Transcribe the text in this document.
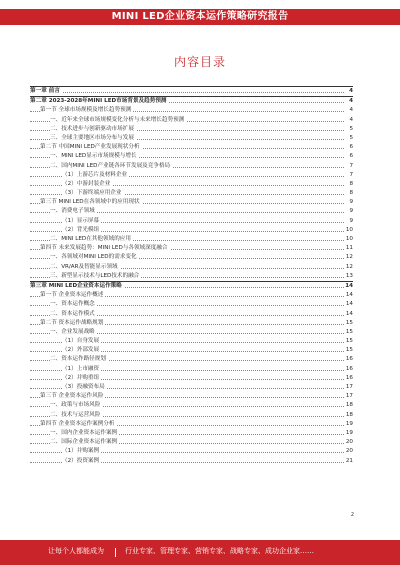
MINI LED企业资本运作策略研究报告
内容目录
第一章 前言	4
第二章 2023-2028年MINI LED市场背景及趋势预测	4
第一节 全球市场规模及增长趋势预测	4
一、近年来全球市场规模变化分析与未来增长趋势预测	4
二、技术进步与创新驱动市场扩展	5
三、全球主要地区市场分布与发展	5
第二节 中国MINI LED产业发展现状分析	6
一、MINI LED显示市场规模与增长	6
二、国内MINI LED产业链各环节发展及竞争格局	7
（1）上游芯片及材料企业	7
（2）中游封装企业	8
（3）下游终端应用企业	8
第三节 MINI LED在各领域中的应用现状	9
一、消费电子领域	9
（1）显示屏幕	9
（2）背光模组	10
二、MINI LED在其他领域的应用	10
第四节 未来发展趋势：MINI LED与各领域深度融合	11
一、各领域对MINI LED的需求变化	12
二、VR/AR及智能显示领域	12
三、新型显示技术与LED技术的融合	13
第三章 MINI LED企业资本运作策略	14
第一节 企业资本运作概述	14
一、资本运作概念	14
二、资本运作模式	14
第二节 资本运作战略规划	15
一、企业发展战略	15
（1）自身发展	15
（2）外部发展	15
二、资本运作路径规划	16
（1）上市融资	16
（2）并购重组	16
（3）投融资布局	17
第三节 企业资本运作风险	17
一、政策与市场风险	18
二、技术与运营风险	18
第四节 企业资本运作案例分析	19
一、国内企业资本运作案例	19
二、国际企业资本运作案例	20
（1）并购案例	20
（2）投资案例	21
2
让每个人都能成为	行业专家、管理专家、营销专家、战略专家、成功企业家……
